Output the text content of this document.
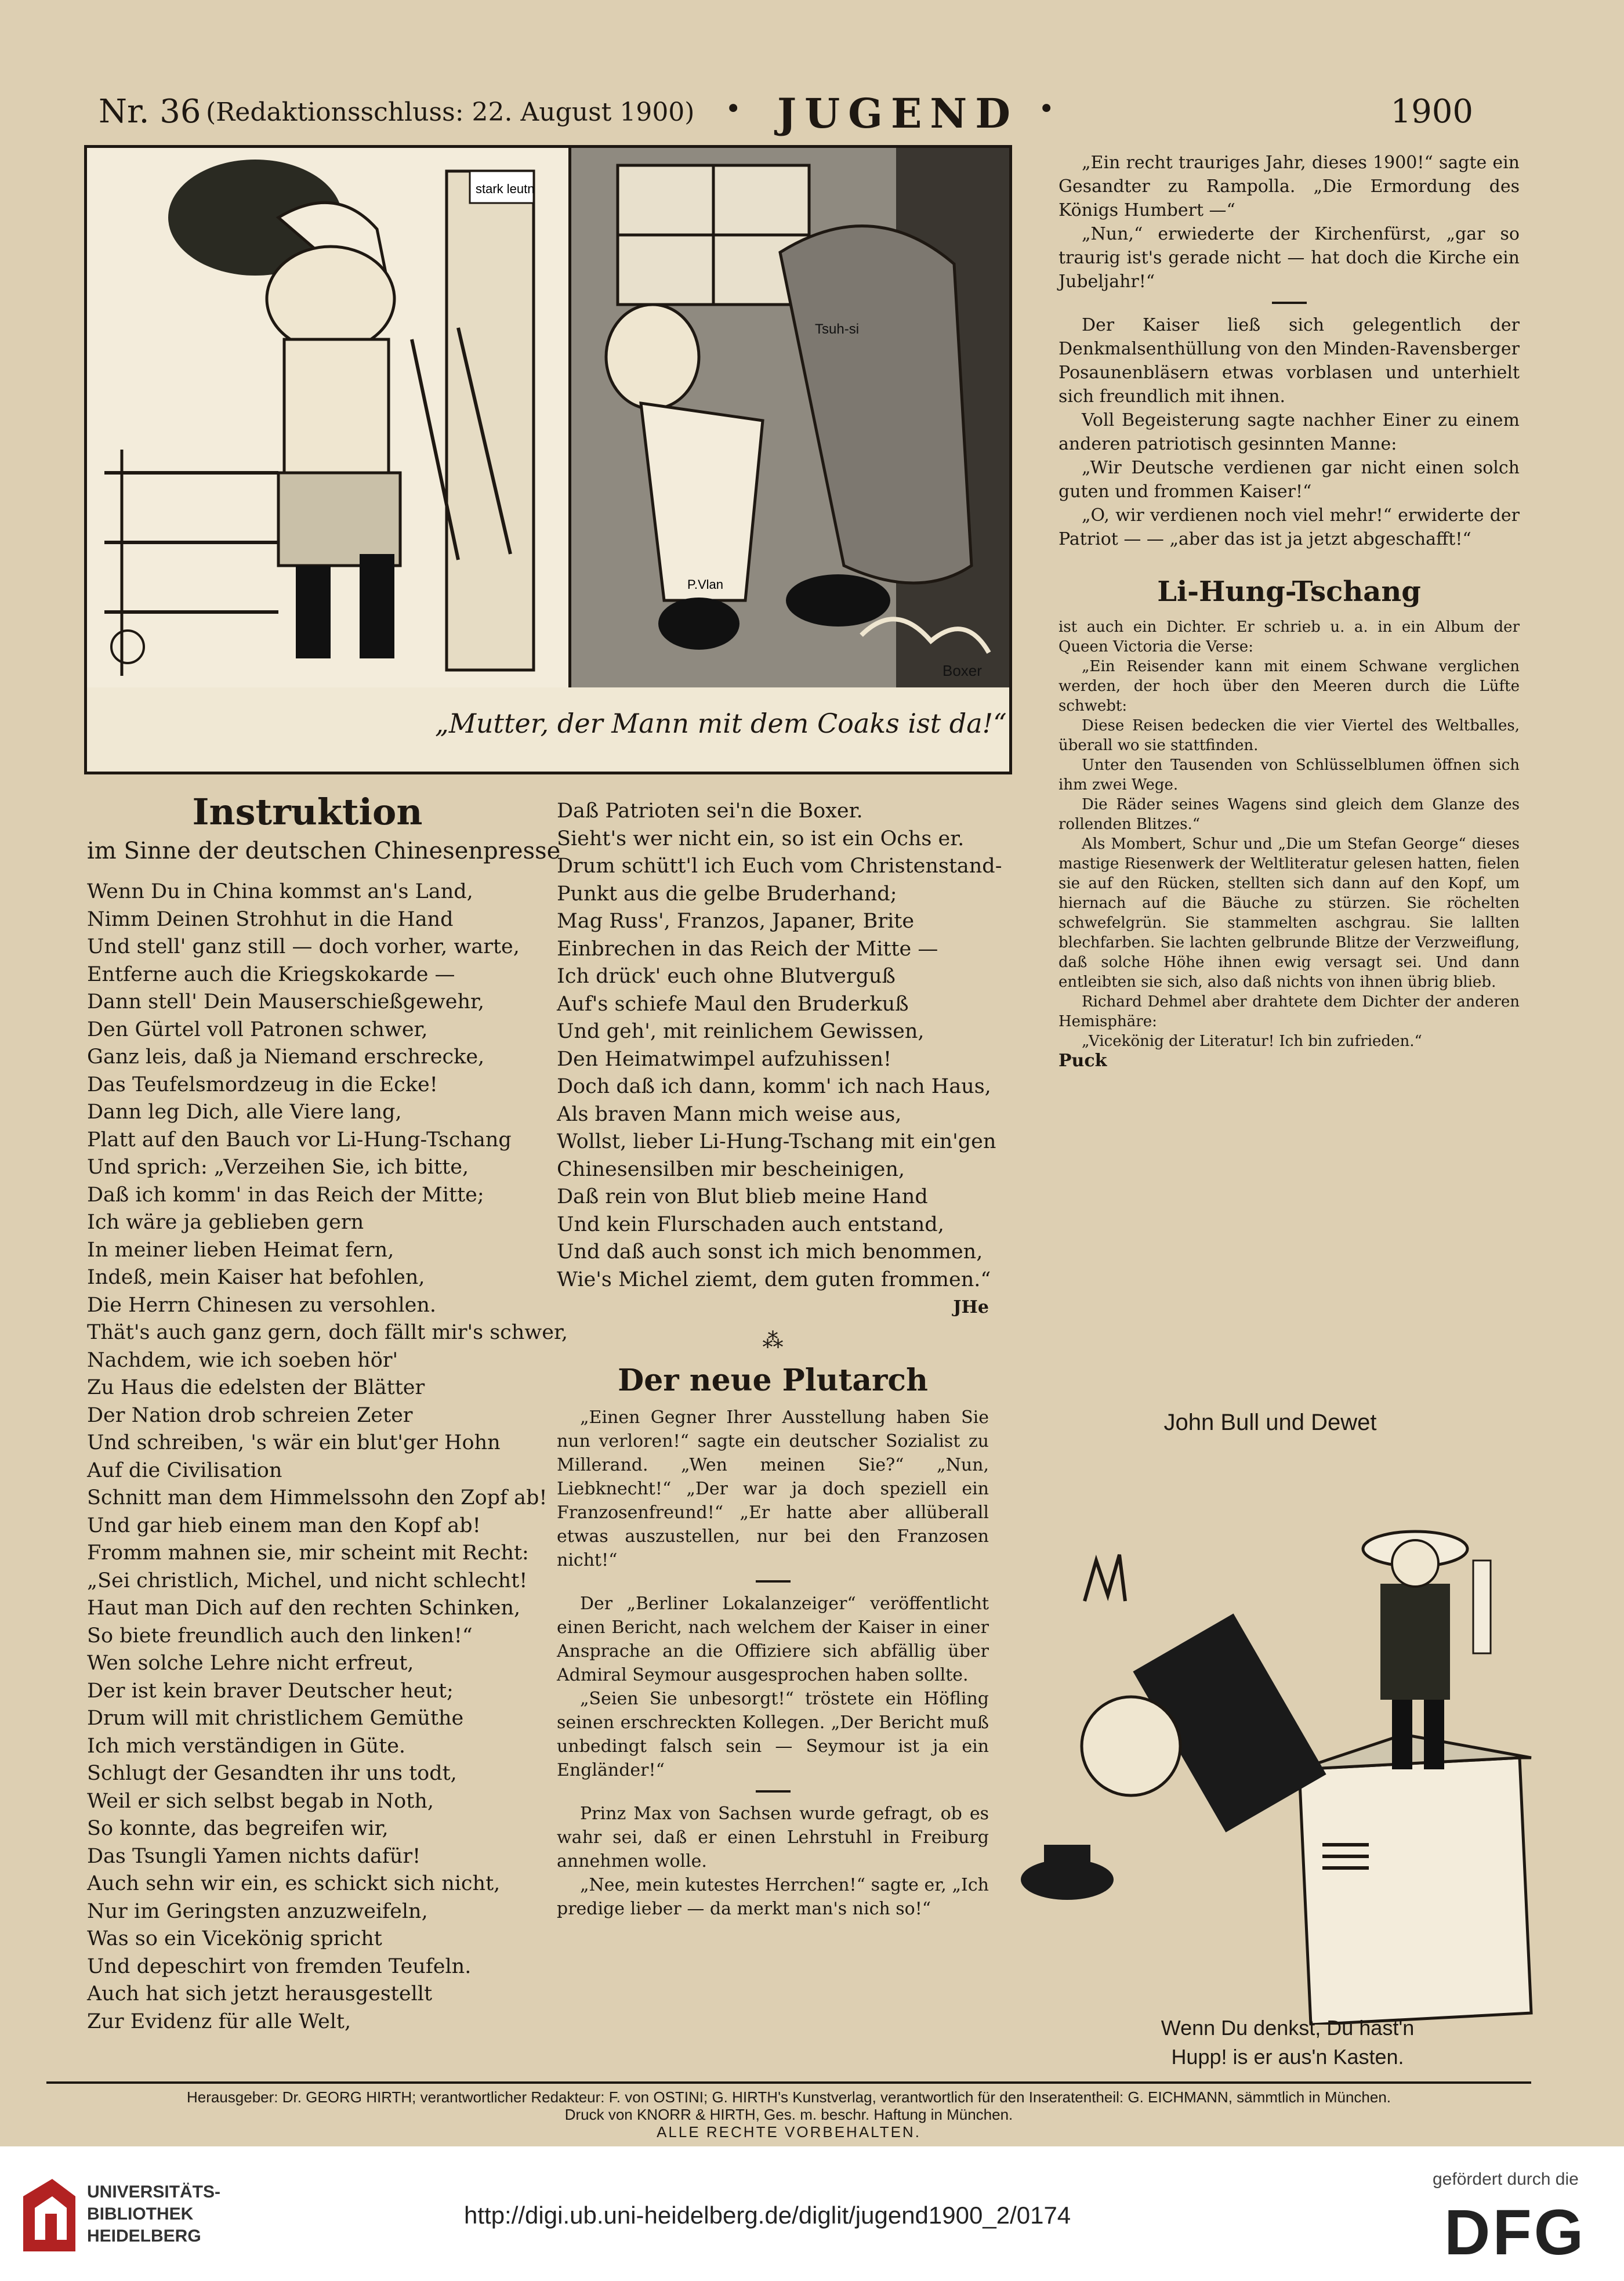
Nr. 36 (Redaktionsschluss: 22. August 1900) • JUGEND •	1900
stark leutn
Tsuh-si
P.Vlan
Boxer
„Mutter, der Mann mit dem Coaks ist da!“

Instruktion

im Sinne der deutschen Chinesenpresse

Wenn Du in China kommst an's Land,

Nimm Deinen Strohhut in die Hand

Und stell' ganz still — doch vorher, warte,

Entferne auch die Kriegskokarde —

Dann stell' Dein Mauserschießgewehr,

Den Gürtel voll Patronen schwer,

Ganz leis, daß ja Niemand erschrecke,

Das Teufelsmordzeug in die Ecke!

Dann leg Dich, alle Viere lang,

Platt auf den Bauch vor Li-Hung-Tschang

Und sprich: „Verzeihen Sie, ich bitte,

Daß ich komm' in das Reich der Mitte;

Ich wäre ja geblieben gern

In meiner lieben Heimat fern,

Indeß, mein Kaiser hat befohlen,

Die Herrn Chinesen zu versohlen.

Thät's auch ganz gern, doch fällt mir's schwer,

Nachdem, wie ich soeben hör'

Zu Haus die edelsten der Blätter

Der Nation drob schreien Zeter

Und schreiben, 's wär ein blut'ger Hohn

Auf die Civilisation

Schnitt man dem Himmelssohn den Zopf ab!

Und gar hieb einem man den Kopf ab!

Fromm mahnen sie, mir scheint mit Recht:

„Sei christlich, Michel, und nicht schlecht!

Haut man Dich auf den rechten Schinken,

So biete freundlich auch den linken!“

Wen solche Lehre nicht erfreut,

Der ist kein braver Deutscher heut;

Drum will mit christlichem Gemüthe

Ich mich verständigen in Güte.

Schlugt der Gesandten ihr uns todt,

Weil er sich selbst begab in Noth,

So konnte, das begreifen wir,

Das Tsungli Yamen nichts dafür!

Auch sehn wir ein, es schickt sich nicht,

Nur im Geringsten anzuzweifeln,

Was so ein Vicekönig spricht

Und depeschirt von fremden Teufeln.

Auch hat sich jetzt herausgestellt

Zur Evidenz für alle Welt,

Daß Patrioten sei'n die Boxer.

Sieht's wer nicht ein, so ist ein Ochs er.

Drum schütt'l ich Euch vom Christenstand-

Punkt aus die gelbe Bruderhand;

Mag Russ', Franzos, Japaner, Brite

Einbrechen in das Reich der Mitte —

Ich drück' euch ohne Blutverguß

Auf's schiefe Maul den Bruderkuß

Und geh', mit reinlichem Gewissen,

Den Heimatwimpel aufzuhissen!

Doch daß ich dann, komm' ich nach Haus,

Als braven Mann mich weise aus,

Wollst, lieber Li-Hung-Tschang mit ein'gen

Chinesensilben mir bescheinigen,

Daß rein von Blut blieb meine Hand

Und kein Flurschaden auch entstand,

Und daß auch sonst ich mich benommen,

Wie's Michel ziemt, dem guten frommen.“

JHe

⁂

Der neue Plutarch

„Einen Gegner Ihrer Ausstellung haben Sie nun verloren!“ sagte ein deutscher Sozialist zu Millerand. „Wen meinen Sie?“ „Nun, Liebknecht!“ „Der war ja doch speziell ein Franzosenfreund!“ „Er hatte aber allüberall etwas auszustellen, nur bei den Franzosen nicht!“

Der „Berliner Lokalanzeiger“ veröffentlicht einen Bericht, nach welchem der Kaiser in einer Ansprache an die Offiziere sich abfällig über Admiral Seymour ausgesprochen haben sollte.

„Seien Sie unbesorgt!“ tröstete ein Höfling seinen erschreckten Kollegen. „Der Bericht muß unbedingt falsch sein — Seymour ist ja ein Engländer!“

Prinz Max von Sachsen wurde gefragt, ob es wahr sei, daß er einen Lehrstuhl in Freiburg annehmen wolle.

„Nee, mein kutestes Herrchen!“ sagte er, „Ich predige lieber — da merkt man's nich so!“

„Ein recht trauriges Jahr, dieses 1900!“ sagte ein Gesandter zu Rampolla. „Die Ermordung des Königs Humbert —“

„Nun,“ erwiederte der Kirchenfürst, „gar so traurig ist's gerade nicht — hat doch die Kirche ein Jubeljahr!“

Der Kaiser ließ sich gelegentlich der Denkmalsenthüllung von den Minden-Ravensberger Posaunenbläsern etwas vorblasen und unterhielt sich freundlich mit ihnen.

Voll Begeisterung sagte nachher Einer zu einem anderen patriotisch gesinnten Manne:

„Wir Deutsche verdienen gar nicht einen solch guten und frommen Kaiser!“

„O, wir verdienen noch viel mehr!“ erwiderte der Patriot — — „aber das ist ja jetzt abgeschafft!“

Li-Hung-Tschang

ist auch ein Dichter. Er schrieb u. a. in ein Album der Queen Victoria die Verse:

„Ein Reisender kann mit einem Schwane verglichen werden, der hoch über den Meeren durch die Lüfte schwebt:

Diese Reisen bedecken die vier Viertel des Weltballes, überall wo sie stattfinden.

Unter den Tausenden von Schlüsselblumen öffnen sich ihm zwei Wege.

Die Räder seines Wagens sind gleich dem Glanze des rollenden Blitzes.“

Als Mombert, Schur und „Die um Stefan George“ dieses mastige Riesenwerk der Weltliteratur gelesen hatten, fielen sie auf den Rücken, stellten sich dann auf den Kopf, um hiernach auf die Bäuche zu stürzen. Sie röchelten schwefelgrün. Sie stammelten aschgrau. Sie lallten blechfarben. Sie lachten gelbrunde Blitze der Verzweiflung, daß solche Höhe ihnen ewig versagt sei. Und dann entleibten sie sich, also daß nichts von ihnen übrig blieb.

Richard Dehmel aber drahtete dem Dichter der anderen Hemisphäre:

„Vicekönig der Literatur! Ich bin zufrieden.“

Puck

John Bull und Dewet
Wenn Du denkst, Du hast'n
Hupp! is er aus'n Kasten.
Herausgeber: Dr. GEORG HIRTH; verantwortlicher Redakteur: F. von OSTINI; G. HIRTH's Kunstverlag, verantwortlich für den Inseratentheil: G. EICHMANN, sämmtlich in München.
Druck von KNORR & HIRTH, Ges. m. beschr. Haftung in München.
ALLE RECHTE VORBEHALTEN.
UNIVERSITÄTS-
BIBLIOTHEK
HEIDELBERG
http://digi.ub.uni-heidelberg.de/diglit/jugend1900_2/0174
gefördert durch die
DFG
